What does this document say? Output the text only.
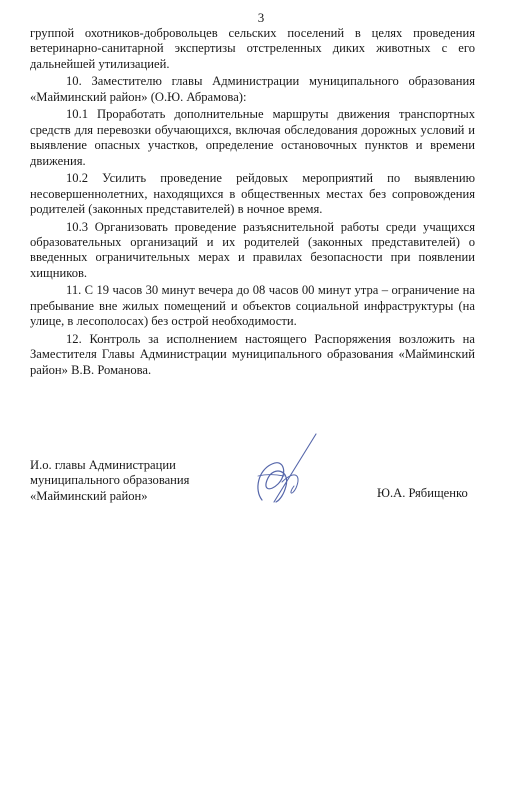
3

группой охотников-добровольцев сельских поселений в целях проведения ветеринарно-санитарной экспертизы отстреленных диких животных с его дальнейшей утилизацией.

10. Заместителю главы Администрации муниципального образования «Майминский район» (О.Ю. Абрамова):

10.1 Проработать дополнительные маршруты движения транспортных средств для перевозки обучающихся, включая обследования дорожных условий и выявление опасных участков, определение остановочных пунктов и времени движения.

10.2 Усилить проведение рейдовых мероприятий по выявлению несовершеннолетних, находящихся в общественных местах без сопровождения родителей (законных представителей) в ночное время.

10.3 Организовать проведение разъяснительной работы среди учащихся образовательных организаций и их родителей (законных представителей) о введенных ограничительных мерах и правилах безопасности при появлении хищников.

11. С 19 часов 30 минут вечера до 08 часов 00 минут утра – ограничение на пребывание вне жилых помещений и объектов социальной инфраструктуры (на улице, в лесополосах) без острой необходимости.

12. Контроль за исполнением настоящего Распоряжения возложить на Заместителя Главы Администрации муниципального образования «Майминский район» В.В. Романова.

И.о. главы Администрации
муниципального образования
«Майминский район»	Ю.А. Рябищенко
